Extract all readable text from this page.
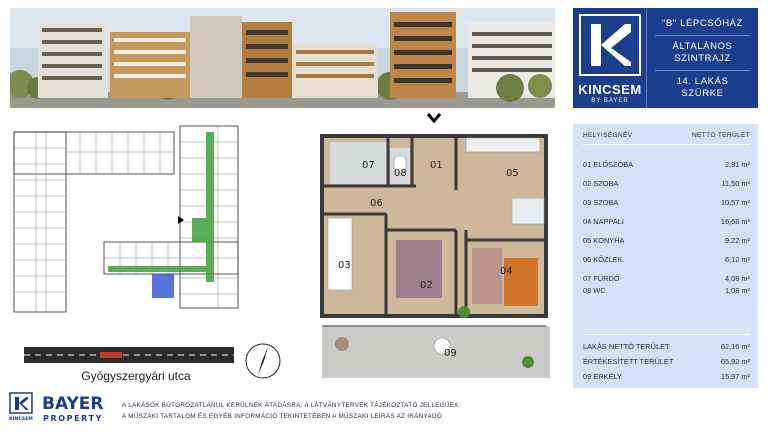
KINCSEM
BY BAYER
"B" LÉPCSŐHÁZ
ÁLTALÁNOS
SZINTRAJZ
14. LAKÁS
SZÜRKE
07
08
01
05
06
03
02
04
09
Gyógyszergyári utca
HELYISÉGNÉV	NETTÓ TERÜLET
01 ELŐSZOBA	2,91 m²
02 SZOBA	11,50 m²
03 SZOBA	10,57 m²
04 NAPPALI	16,68 m²
05 KONYHA	9,22 m²
06 KÖZLEK.	6,12 m²
07 FÜRDŐ	4,08 m²
08 WC	1,08 m²
LAKÁS NETTÓ TERÜLET	62,16 m²
ÉRTÉKESÍTETT TERÜLET	65,92 m²
09 ERKÉLY	15,97 m²
KINCSEM
BAYER
PROPERTY
A LAKÁSOK BÚTOROZATLANUL KERÜLNEK ÁTADÁSRA, A LÁTVÁNYTERVEK TÁJÉKOZTATÓ JELLEGŰEK.
A MŰSZAKI TARTALOM ÉS EGYÉB INFORMÁCIÓ TEKINTETÉBEN A MŰSZAKI LEÍRÁS AZ IRÁNYADÓ
